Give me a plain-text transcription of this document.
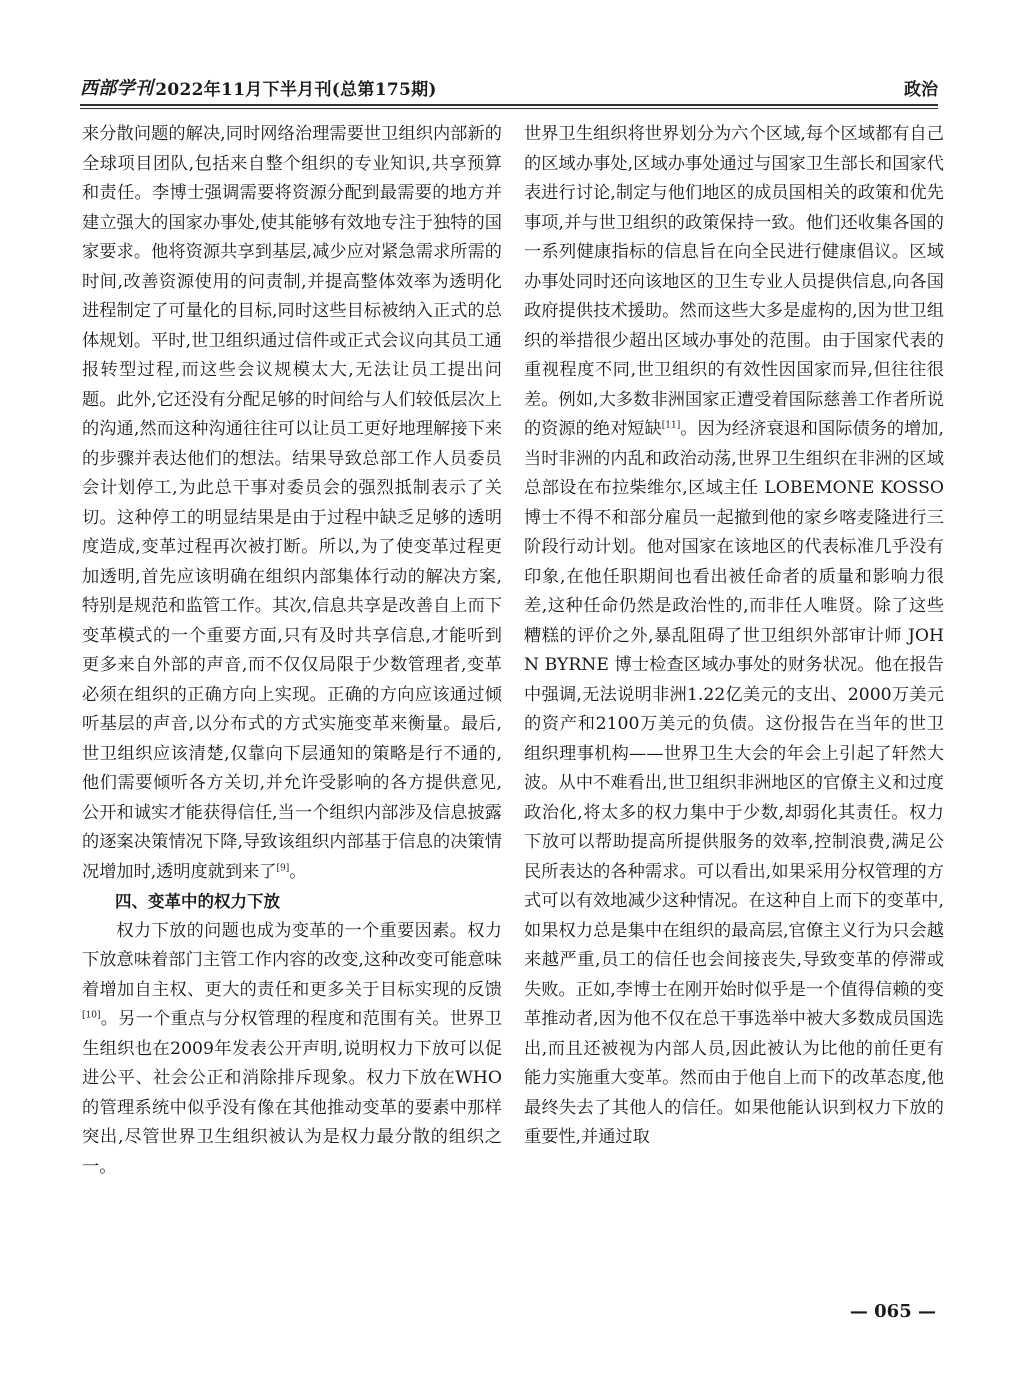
西部学刊 2022年11月下半月刊(总第175期)	政治

来分散问题的解决,同时网络治理需要世卫组织内部新的全球项目团队,包括来自整个组织的专业知识,共享预算和责任。李博士强调需要将资源分配到最需要的地方并建立强大的国家办事处,使其能够有效地专注于独特的国家要求。他将资源共享到基层,减少应对紧急需求所需的时间,改善资源使用的问责制,并提高整体效率为透明化进程制定了可量化的目标,同时这些目标被纳入正式的总体规划。平时,世卫组织通过信件或正式会议向其员工通报转型过程,而这些会议规模太大,无法让员工提出问题。此外,它还没有分配足够的时间给与人们较低层次上的沟通,然而这种沟通往往可以让员工更好地理解接下来的步骤并表达他们的想法。结果导致总部工作人员委员会计划停工,为此总干事对委员会的强烈抵制表示了关切。这种停工的明显结果是由于过程中缺乏足够的透明度造成,变革过程再次被打断。所以,为了使变革过程更加透明,首先应该明确在组织内部集体行动的解决方案,特别是规范和监管工作。其次,信息共享是改善自上而下变革模式的一个重要方面,只有及时共享信息,才能听到更多来自外部的声音,而不仅仅局限于少数管理者,变革必须在组织的正确方向上实现。正确的方向应该通过倾听基层的声音,以分布式的方式实施变革来衡量。最后,世卫组织应该清楚,仅靠向下层通知的策略是行不通的,他们需要倾听各方关切,并允许受影响的各方提供意见,公开和诚实才能获得信任,当一个组织内部涉及信息披露的逐案决策情况下降,导致该组织内部基于信息的决策情况增加时,透明度就到来了[9]。

四、变革中的权力下放

权力下放的问题也成为变革的一个重要因素。权力下放意味着部门主管工作内容的改变,这种改变可能意味着增加自主权、更大的责任和更多关于目标实现的反馈[10]。另一个重点与分权管理的程度和范围有关。世界卫生组织也在2009年发表公开声明,说明权力下放可以促进公平、社会公正和消除排斥现象。权力下放在WHO的管理系统中似乎没有像在其他推动变革的要素中那样突出,尽管世界卫生组织被认为是权力最分散的组织之一。

世界卫生组织将世界划分为六个区域,每个区域都有自己的区域办事处,区域办事处通过与国家卫生部长和国家代表进行讨论,制定与他们地区的成员国相关的政策和优先事项,并与世卫组织的政策保持一致。他们还收集各国的一系列健康指标的信息旨在向全民进行健康倡议。区域办事处同时还向该地区的卫生专业人员提供信息,向各国政府提供技术援助。然而这些大多是虚构的,因为世卫组织的举措很少超出区域办事处的范围。由于国家代表的重视程度不同,世卫组织的有效性因国家而异,但往往很差。例如,大多数非洲国家正遭受着国际慈善工作者所说的资源的绝对短缺[11]。因为经济衰退和国际债务的增加,当时非洲的内乱和政治动荡,世界卫生组织在非洲的区域总部设在布拉柴维尔,区域主任 LOBEMONE KOSSO 博士不得不和部分雇员一起撤到他的家乡喀麦隆进行三阶段行动计划。他对国家在该地区的代表标准几乎没有印象,在他任职期间也看出被任命者的质量和影响力很差,这种任命仍然是政治性的,而非任人唯贤。除了这些糟糕的评价之外,暴乱阻碍了世卫组织外部审计师 JOHN BYRNE 博士检查区域办事处的财务状况。他在报告中强调,无法说明非洲1.22亿美元的支出、2000万美元的资产和2100万美元的负债。这份报告在当年的世卫组织理事机构——世界卫生大会的年会上引起了轩然大波。从中不难看出,世卫组织非洲地区的官僚主义和过度政治化,将太多的权力集中于少数,却弱化其责任。权力下放可以帮助提高所提供服务的效率,控制浪费,满足公民所表达的各种需求。可以看出,如果采用分权管理的方式可以有效地减少这种情况。在这种自上而下的变革中,如果权力总是集中在组织的最高层,官僚主义行为只会越来越严重,员工的信任也会间接丧失,导致变革的停滞或失败。正如,李博士在刚开始时似乎是一个值得信赖的变革推动者,因为他不仅在总干事选举中被大多数成员国选出,而且还被视为内部人员,因此被认为比他的前任更有能力实施重大变革。然而由于他自上而下的改革态度,他最终失去了其他人的信任。如果他能认识到权力下放的重要性,并通过取

— 065 —
